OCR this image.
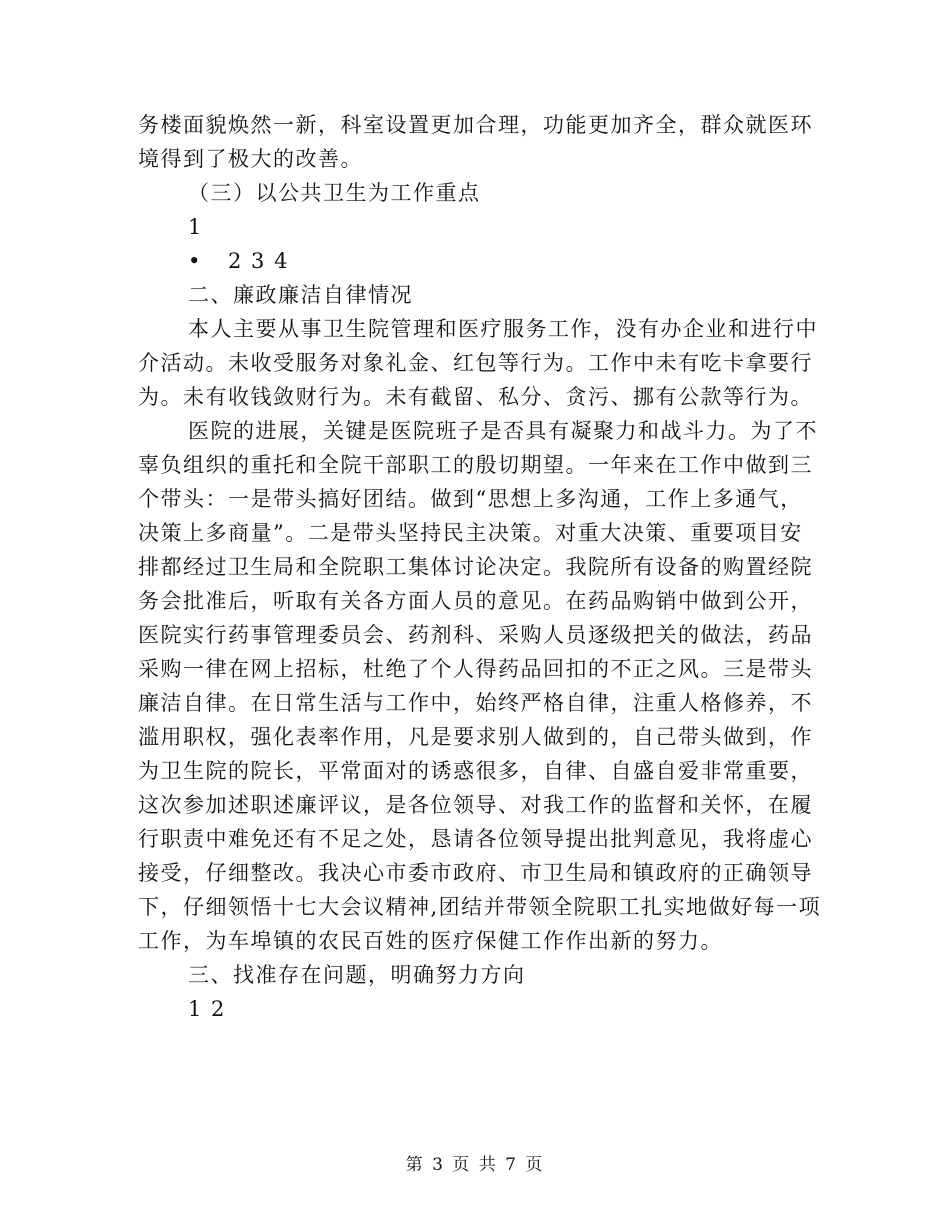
务楼面貌焕然一新，科室设置更加合理，功能更加齐全，群众就医环
境得到了极大的改善。
（三）以公共卫生为工作重点
1
• 2 3 4
二、廉政廉洁自律情况
本人主要从事卫生院管理和医疗服务工作，没有办企业和进行中
介活动。未收受服务对象礼金、红包等行为。工作中未有吃卡拿要行
为。未有收钱敛财行为。未有截留、私分、贪污、挪有公款等行为。
医院的进展，关键是医院班子是否具有凝聚力和战斗力。为了不
辜负组织的重托和全院干部职工的殷切期望。一年来在工作中做到三
个带头：一是带头搞好团结。做到“思想上多沟通，工作上多通气，
决策上多商量”。二是带头坚持民主决策。对重大决策、重要项目安
排都经过卫生局和全院职工集体讨论决定。我院所有设备的购置经院
务会批准后，听取有关各方面人员的意见。在药品购销中做到公开，
医院实行药事管理委员会、药剂科、采购人员逐级把关的做法，药品
采购一律在网上招标，杜绝了个人得药品回扣的不正之风。三是带头
廉洁自律。在日常生活与工作中，始终严格自律，注重人格修养，不
滥用职权，强化表率作用，凡是要求别人做到的，自己带头做到，作
为卫生院的院长，平常面对的诱惑很多，自律、自盛自爱非常重要，
这次参加述职述廉评议，是各位领导、对我工作的监督和关怀，在履
行职责中难免还有不足之处，恳请各位领导提出批判意见，我将虚心
接受，仔细整改。我决心市委市政府、市卫生局和镇政府的正确领导
下，仔细领悟十七大会议精神,团结并带领全院职工扎实地做好每一项
工作，为车埠镇的农民百姓的医疗保健工作作出新的努力。
三、找准存在问题，明确努力方向
1 2
第 3 页 共 7 页
